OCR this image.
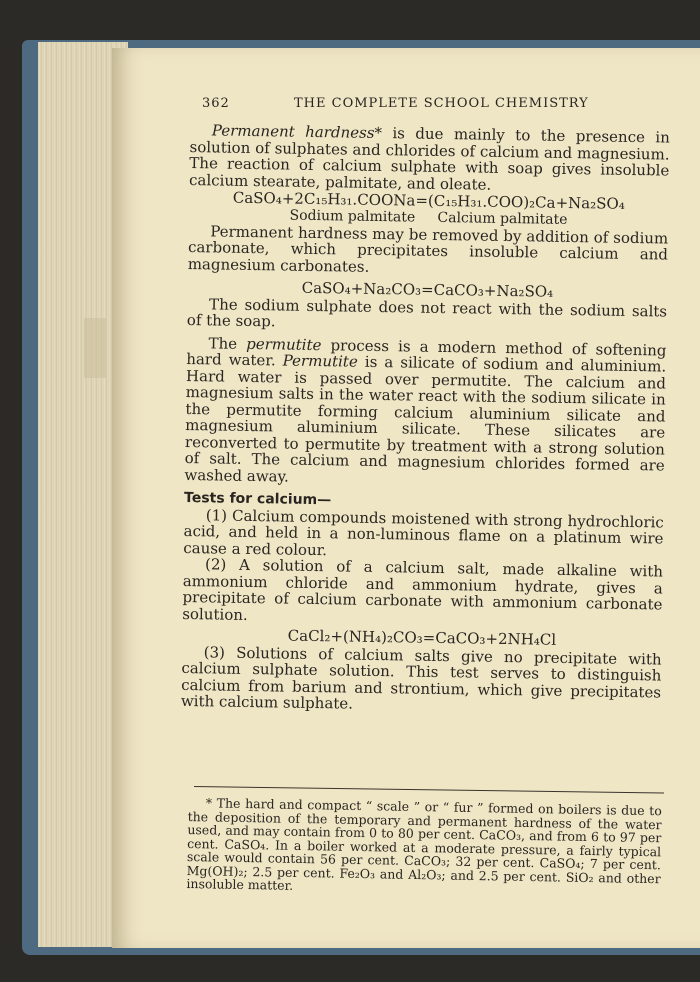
362	THE COMPLETE SCHOOL CHEMISTRY

Permanent hardness* is due mainly to the presence in solution of sulphates and chlorides of calcium and magnesium. The reaction of calcium sulphate with soap gives insoluble calcium stearate, palmitate, and oleate.

CaSO₄+2C₁₅H₃₁.COONa=(C₁₅H₃₁.COO)₂Ca+Na₂SO₄
Sodium palmitate     Calcium palmitate

Permanent hardness may be removed by addition of sodium carbonate, which precipitates insoluble calcium and magnesium carbonates.

CaSO₄+Na₂CO₃=CaCO₃+Na₂SO₄

The sodium sulphate does not react with the sodium salts of the soap.

The permutite process is a modern method of softening hard water. Permutite is a silicate of sodium and aluminium. Hard water is passed over permutite. The calcium and magnesium salts in the water react with the sodium silicate in the permutite forming calcium aluminium silicate and magnesium aluminium silicate. These silicates are reconverted to permutite by treatment with a strong solution of salt. The calcium and magnesium chlorides formed are washed away.

Tests for calcium—

(1) Calcium compounds moistened with strong hydrochloric acid, and held in a non-luminous flame on a platinum wire cause a red colour.

(2) A solution of a calcium salt, made alkaline with ammonium chloride and ammonium hydrate, gives a precipitate of calcium carbonate with ammonium carbonate solution.

CaCl₂+(NH₄)₂CO₃=CaCO₃+2NH₄Cl

(3) Solutions of calcium salts give no precipitate with calcium sulphate solution. This test serves to distinguish calcium from barium and strontium, which give precipitates with calcium sulphate.

* The hard and compact “ scale ” or “ fur ” formed on boilers is due to the deposition of the temporary and permanent hardness of the water used, and may contain from 0 to 80 per cent. CaCO₃, and from 6 to 97 per cent. CaSO₄. In a boiler worked at a moderate pressure, a fairly typical scale would contain 56 per cent. CaCO₃; 32 per cent. CaSO₄; 7 per cent. Mg(OH)₂; 2.5 per cent. Fe₂O₃ and Al₂O₃; and 2.5 per cent. SiO₂ and other insoluble matter.
